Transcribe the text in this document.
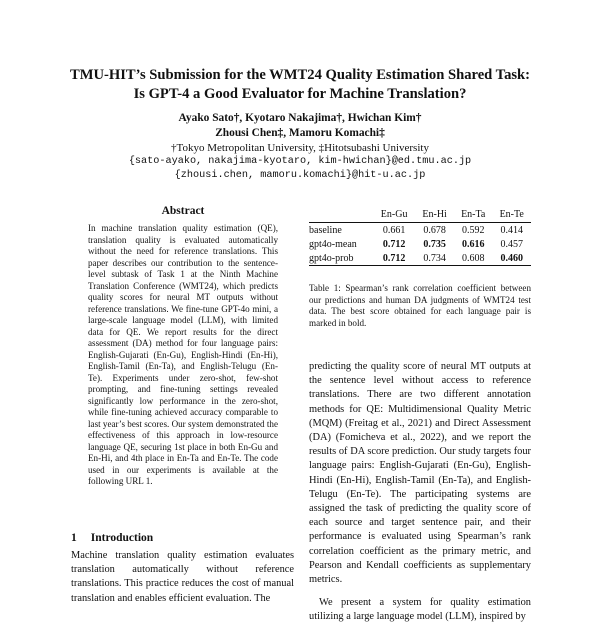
TMU-HIT’s Submission for the WMT24 Quality Estimation Shared Task:
Is GPT-4 a Good Evaluator for Machine Translation?
Ayako Sato†, Kyotaro Nakajima†, Hwichan Kim†
Zhousi Chen‡, Mamoru Komachi‡
†Tokyo Metropolitan University, ‡Hitotsubashi University
{sato-ayako, nakajima-kyotaro, kim-hwichan}@ed.tmu.ac.jp
{zhousi.chen, mamoru.komachi}@hit-u.ac.jp
Abstract
In machine translation quality estimation (QE), translation quality is evaluated automatically without the need for reference translations. This paper describes our contribution to the sentence-level subtask of Task 1 at the Ninth Machine Translation Conference (WMT24), which predicts quality scores for neural MT outputs without reference translations. We fine-tune GPT-4o mini, a large-scale language model (LLM), with limited data for QE. We report results for the direct assessment (DA) method for four language pairs: English-Gujarati (En-Gu), English-Hindi (En-Hi), English-Tamil (En-Ta), and English-Telugu (En-Te). Experiments under zero-shot, few-shot prompting, and fine-tuning settings revealed significantly low performance in the zero-shot, while fine-tuning achieved accuracy comparable to last year’s best scores. Our system demonstrated the effectiveness of this approach in low-resource language QE, securing 1st place in both En-Gu and En-Hi, and 4th place in En-Ta and En-Te. The code used in our experiments is available at the following URL 1.
1 Introduction
Machine translation quality estimation evaluates translation automatically without reference translations. This practice reduces the cost of manual translation and enables efficient evaluation. The
	En-Gu	En-Hi	En-Ta	En-Te
baseline	0.661	0.678	0.592	0.414
gpt4o-mean	0.712	0.735	0.616	0.457
gpt4o-prob	0.712	0.734	0.608	0.460
Table 1: Spearman’s rank correlation coefficient between our predictions and human DA judgments of WMT24 test data. The best score obtained for each language pair is marked in bold.

predicting the quality score of neural MT outputs at the sentence level without access to reference translations. There are two different annotation methods for QE: Multidimensional Quality Metric (MQM) (Freitag et al., 2021) and Direct Assessment (DA) (Fomicheva et al., 2022), and we report the results of DA score prediction. Our study targets four language pairs: English-Gujarati (En-Gu), English-Hindi (En-Hi), English-Tamil (En-Ta), and English-Telugu (En-Te). The participating systems are assigned the task of predicting the quality score of each source and target sentence pair, and their performance is evaluated using Spearman’s rank correlation coefficient as the primary metric, and Pearson and Kendall coefficients as supplementary metrics.

We present a system for quality estimation utilizing a large language model (LLM), inspired by
